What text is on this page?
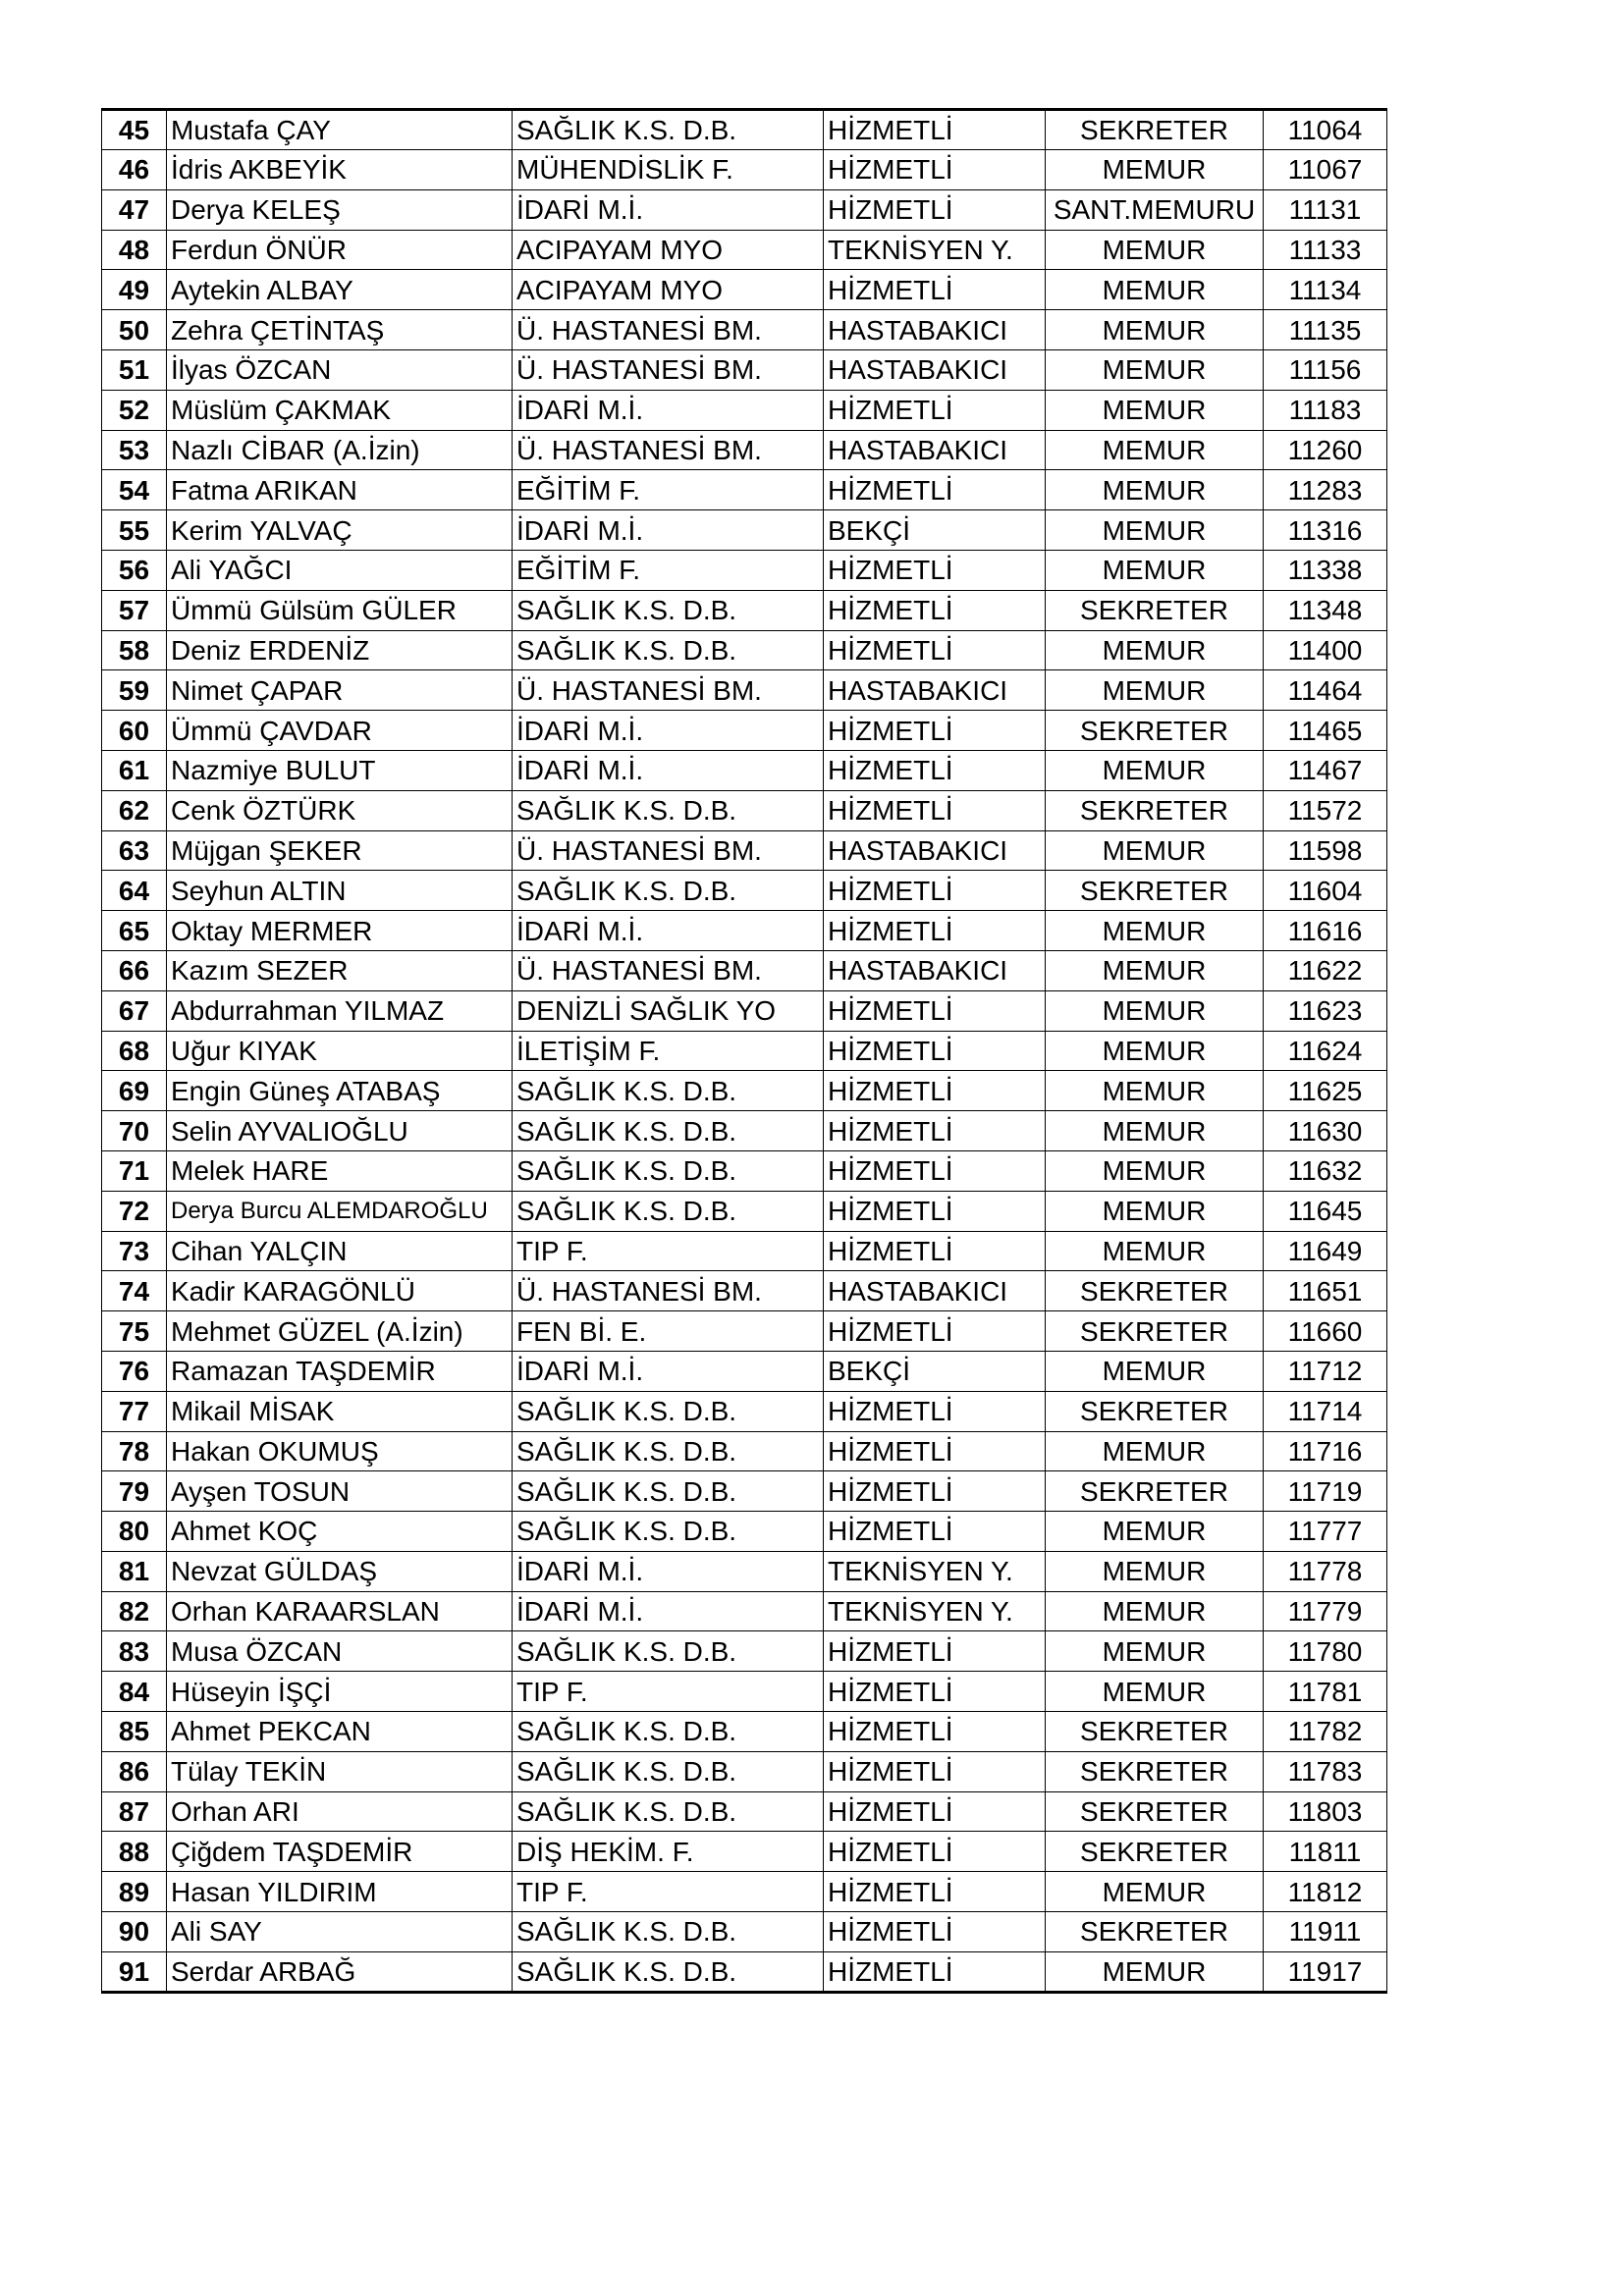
45	Mustafa ÇAY	SAĞLIK K.S. D.B.	HİZMETLİ	SEKRETER	11064
46	İdris AKBEYİK	MÜHENDİSLİK F.	HİZMETLİ	MEMUR	11067
47	Derya KELEŞ	İDARİ M.İ.	HİZMETLİ	SANT.MEMURU	11131
48	Ferdun ÖNÜR	ACIPAYAM MYO	TEKNİSYEN Y.	MEMUR	11133
49	Aytekin ALBAY	ACIPAYAM MYO	HİZMETLİ	MEMUR	11134
50	Zehra ÇETİNTAŞ	Ü. HASTANESİ BM.	HASTABAKICI	MEMUR	11135
51	İlyas ÖZCAN	Ü. HASTANESİ BM.	HASTABAKICI	MEMUR	11156
52	Müslüm ÇAKMAK	İDARİ M.İ.	HİZMETLİ	MEMUR	11183
53	Nazlı CİBAR (A.İzin)	Ü. HASTANESİ BM.	HASTABAKICI	MEMUR	11260
54	Fatma ARIKAN	EĞİTİM F.	HİZMETLİ	MEMUR	11283
55	Kerim YALVAÇ	İDARİ M.İ.	BEKÇİ	MEMUR	11316
56	Ali YAĞCI	EĞİTİM F.	HİZMETLİ	MEMUR	11338
57	Ümmü Gülsüm GÜLER	SAĞLIK K.S. D.B.	HİZMETLİ	SEKRETER	11348
58	Deniz ERDENİZ	SAĞLIK K.S. D.B.	HİZMETLİ	MEMUR	11400
59	Nimet ÇAPAR	Ü. HASTANESİ BM.	HASTABAKICI	MEMUR	11464
60	Ümmü ÇAVDAR	İDARİ M.İ.	HİZMETLİ	SEKRETER	11465
61	Nazmiye BULUT	İDARİ M.İ.	HİZMETLİ	MEMUR	11467
62	Cenk ÖZTÜRK	SAĞLIK K.S. D.B.	HİZMETLİ	SEKRETER	11572
63	Müjgan ŞEKER	Ü. HASTANESİ BM.	HASTABAKICI	MEMUR	11598
64	Seyhun ALTIN	SAĞLIK K.S. D.B.	HİZMETLİ	SEKRETER	11604
65	Oktay MERMER	İDARİ M.İ.	HİZMETLİ	MEMUR	11616
66	Kazım SEZER	Ü. HASTANESİ BM.	HASTABAKICI	MEMUR	11622
67	Abdurrahman YILMAZ	DENİZLİ SAĞLIK YO	HİZMETLİ	MEMUR	11623
68	Uğur KIYAK	İLETİŞİM F.	HİZMETLİ	MEMUR	11624
69	Engin Güneş ATABAŞ	SAĞLIK K.S. D.B.	HİZMETLİ	MEMUR	11625
70	Selin AYVALIOĞLU	SAĞLIK K.S. D.B.	HİZMETLİ	MEMUR	11630
71	Melek HARE	SAĞLIK K.S. D.B.	HİZMETLİ	MEMUR	11632
72	Derya Burcu ALEMDAROĞLU	SAĞLIK K.S. D.B.	HİZMETLİ	MEMUR	11645
73	Cihan YALÇIN	TIP F.	HİZMETLİ	MEMUR	11649
74	Kadir KARAGÖNLÜ	Ü. HASTANESİ BM.	HASTABAKICI	SEKRETER	11651
75	Mehmet GÜZEL (A.İzin)	FEN Bİ. E.	HİZMETLİ	SEKRETER	11660
76	Ramazan TAŞDEMİR	İDARİ M.İ.	BEKÇİ	MEMUR	11712
77	Mikail MİSAK	SAĞLIK K.S. D.B.	HİZMETLİ	SEKRETER	11714
78	Hakan OKUMUŞ	SAĞLIK K.S. D.B.	HİZMETLİ	MEMUR	11716
79	Ayşen TOSUN	SAĞLIK K.S. D.B.	HİZMETLİ	SEKRETER	11719
80	Ahmet KOÇ	SAĞLIK K.S. D.B.	HİZMETLİ	MEMUR	11777
81	Nevzat GÜLDAŞ	İDARİ M.İ.	TEKNİSYEN Y.	MEMUR	11778
82	Orhan KARAARSLAN	İDARİ M.İ.	TEKNİSYEN Y.	MEMUR	11779
83	Musa ÖZCAN	SAĞLIK K.S. D.B.	HİZMETLİ	MEMUR	11780
84	Hüseyin İŞÇİ	TIP F.	HİZMETLİ	MEMUR	11781
85	Ahmet PEKCAN	SAĞLIK K.S. D.B.	HİZMETLİ	SEKRETER	11782
86	Tülay TEKİN	SAĞLIK K.S. D.B.	HİZMETLİ	SEKRETER	11783
87	Orhan ARI	SAĞLIK K.S. D.B.	HİZMETLİ	SEKRETER	11803
88	Çiğdem TAŞDEMİR	DİŞ HEKİM. F.	HİZMETLİ	SEKRETER	11811
89	Hasan YILDIRIM	TIP F.	HİZMETLİ	MEMUR	11812
90	Ali SAY	SAĞLIK K.S. D.B.	HİZMETLİ	SEKRETER	11911
91	Serdar ARBAĞ	SAĞLIK K.S. D.B.	HİZMETLİ	MEMUR	11917
